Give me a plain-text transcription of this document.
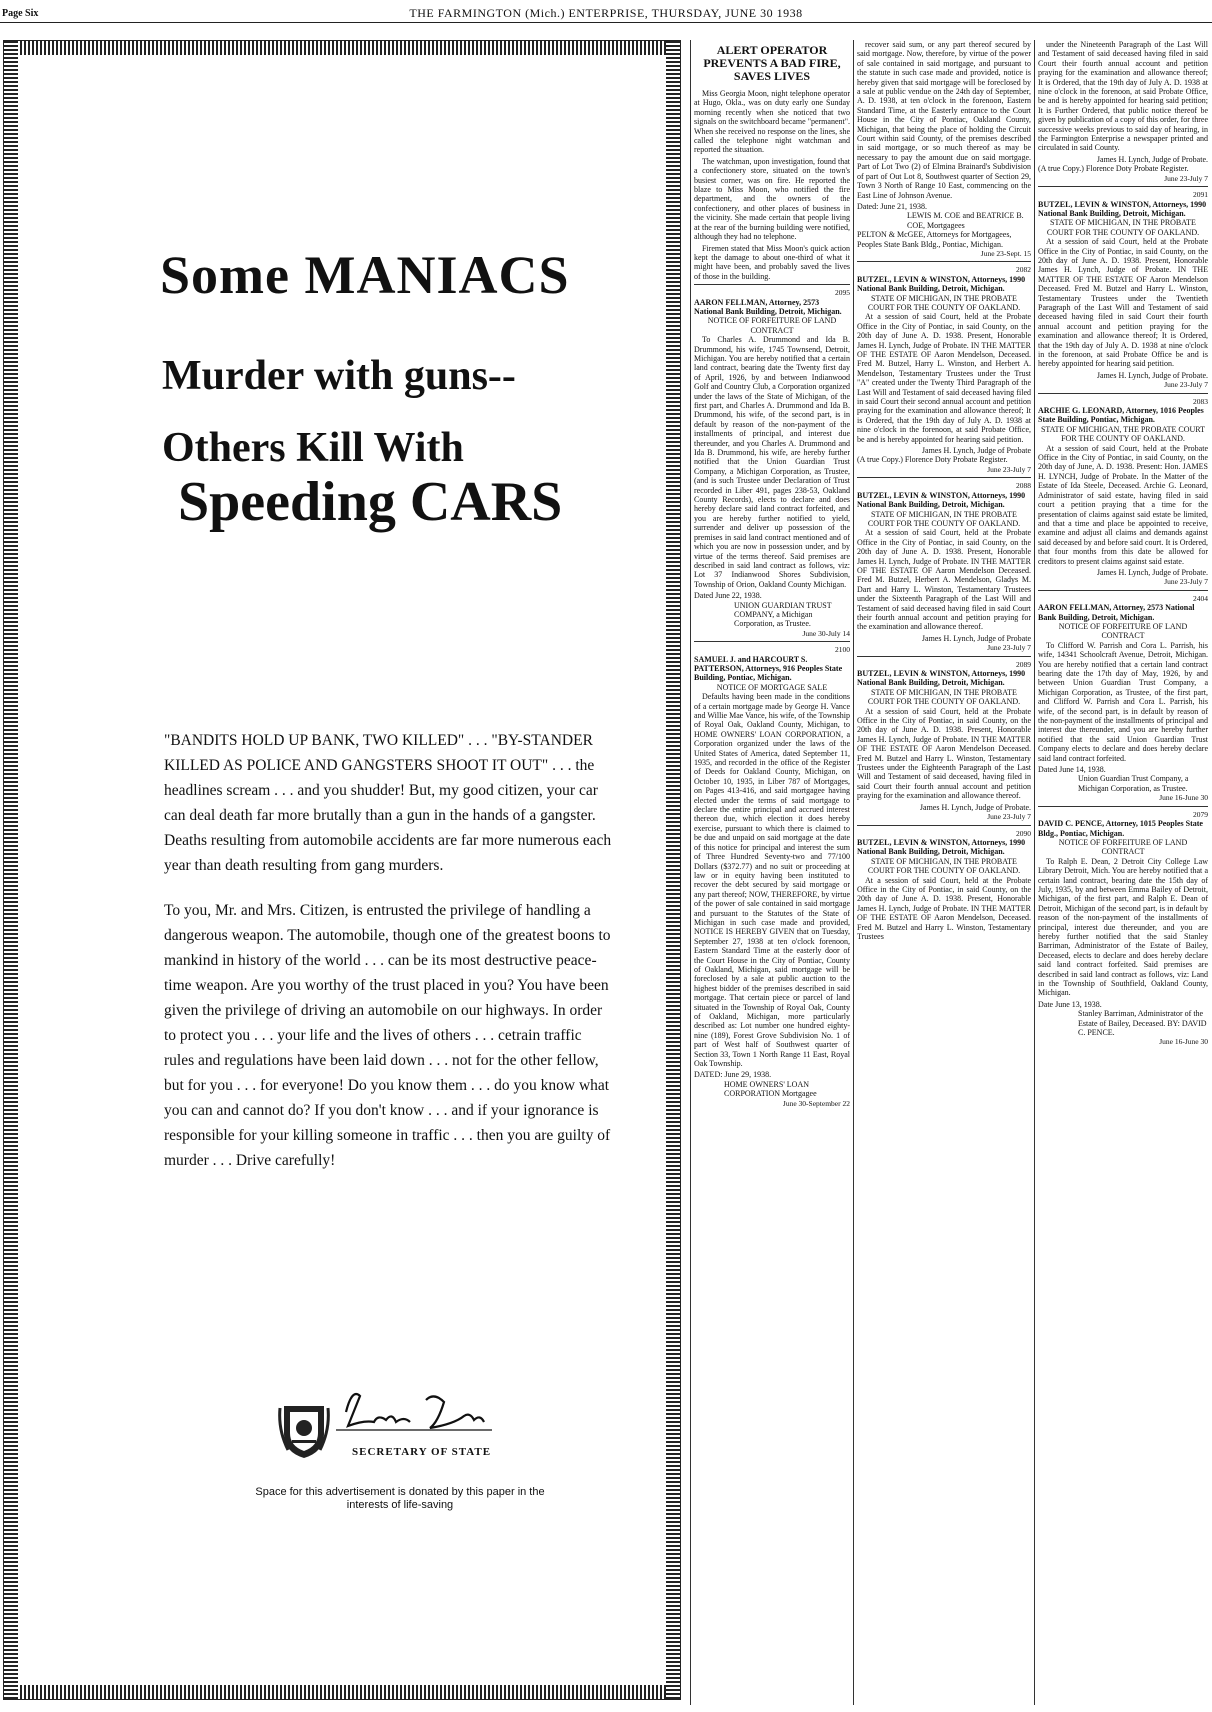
Page Six	THE FARMINGTON (Mich.) ENTERPRISE, THURSDAY, JUNE 30 1938
Some MANIACS
Murder with guns--
Others Kill With
Speeding CARS
"BANDITS HOLD UP BANK, TWO KILLED" . . . "BY-STANDER KILLED AS POLICE AND GANGSTERS SHOOT IT OUT" . . . the headlines scream . . . and you shudder! But, my good citizen, your car can deal death far more brutally than a gun in the hands of a gangster. Deaths resulting from automobile accidents are far more numerous each year than death resulting from gang murders.
To you, Mr. and Mrs. Citizen, is entrusted the privilege of handling a dangerous weapon. The automobile, though one of the greatest boons to mankind in history of the world . . . can be its most destructive peace-time weapon. Are you worthy of the trust placed in you? You have been given the privilege of driving an automobile on our highways. In order to protect you . . . your life and the lives of others . . . cetrain traffic rules and regulations have been laid down . . . not for the other fellow, but for you . . . for everyone! Do you know them . . . do you know what you can and cannot do? If you don't know . . . and if your ignorance is responsible for your killing someone in traffic . . . then you are guilty of murder . . . Drive carefully!
SECRETARY OF STATE
Space for this advertisement is donated by this paper in the interests of life-saving
ALERT OPERATOR PREVENTS A BAD FIRE, SAVES LIVES

Miss Georgia Moon, night telephone operator at Hugo, Okla., was on duty early one Sunday morning recently when she noticed that two signals on the switchboard became "permanent". When she received no response on the lines, she called the telephone night watchman and reported the situation.

The watchman, upon investigation, found that a confectionery store, situated on the town's busiest corner, was on fire. He reported the blaze to Miss Moon, who notified the fire department, and the owners of the confectionery, and other places of business in the vicinity. She made certain that people living at the rear of the burning building were notified, although they had no telephone.

Firemen stated that Miss Moon's quick action kept the damage to about one-third of what it might have been, and probably saved the lives of those in the building.

2095
AARON FELLMAN, Attorney, 2573 National Bank Building, Detroit, Michigan.
NOTICE OF FORFEITURE OF LAND CONTRACT

To Charles A. Drummond and Ida B. Drummond, his wife, 1745 Townsend, Detroit, Michigan. You are hereby notified that a certain land contract, bearing date the Twenty first day of April, 1926, by and between Indianwood Golf and Country Club, a Corporation organized under the laws of the State of Michigan, of the first part, and Charles A. Drummond and Ida B. Drummond, his wife, of the second part, is in default by reason of the non-payment of the installments of principal, and interest due thereunder, and you Charles A. Drummond and Ida B. Drummond, his wife, are hereby further notified that the Union Guardian Trust Company, a Michigan Corporation, as Trustee, (and is such Trustee under Declaration of Trust recorded in Liber 491, pages 238-53, Oakland County Records), elects to declare and does hereby declare said land contract forfeited, and you are hereby further notified to yield, surrender and deliver up possession of the premises in said land contract mentioned and of which you are now in possession under, and by virtue of the terms thereof. Said premises are described in said land contract as follows, viz: Lot 37 Indianwood Shores Subdivision, Township of Orion, Oakland County Michigan.

Dated June 22, 1938.
UNION GUARDIAN TRUST COMPANY, a Michigan Corporation, as Trustee.
June 30-July 14
2100
SAMUEL J. and HARCOURT S. PATTERSON, Attorneys, 916 Peoples State Building, Pontiac, Michigan.
NOTICE OF MORTGAGE SALE

Defaults having been made in the conditions of a certain mortgage made by George H. Vance and Willie Mae Vance, his wife, of the Township of Royal Oak, Oakland County, Michigan, to HOME OWNERS' LOAN CORPORATION, a Corporation organized under the laws of the United States of America, dated September 11, 1935, and recorded in the office of the Register of Deeds for Oakland County, Michigan, on October 10, 1935, in Liber 787 of Mortgages, on Pages 413-416, and said mortgagee having elected under the terms of said mortgage to declare the entire principal and accrued interest thereon due, which election it does hereby exercise, pursuant to which there is claimed to be due and unpaid on said mortgage at the date of this notice for principal and interest the sum of Three Hundred Seventy-two and 77/100 Dollars ($372.77) and no suit or proceeding at law or in equity having been instituted to recover the debt secured by said mortgage or any part thereof; NOW, THEREFORE, by virtue of the power of sale contained in said mortgage and pursuant to the Statutes of the State of Michigan in such case made and provided, NOTICE IS HEREBY GIVEN that on Tuesday, September 27, 1938 at ten o'clock forenoon, Eastern Standard Time at the easterly door of the Court House in the City of Pontiac, County of Oakland, Michigan, said mortgage will be foreclosed by a sale at public auction to the highest bidder of the premises described in said mortgage. That certain piece or parcel of land situated in the Township of Royal Oak, County of Oakland, Michigan, more particularly described as: Lot number one hundred eighty-nine (189), Forest Grove Subdivision No. 1 of part of West half of Southwest quarter of Section 33, Town 1 North Range 11 East, Royal Oak Township.

DATED: June 29, 1938.
HOME OWNERS' LOAN CORPORATION Mortgagee
June 30-September 22

recover said sum, or any part thereof secured by said mortgage. Now, therefore, by virtue of the power of sale contained in said mortgage, and pursuant to the statute in such case made and provided, notice is hereby given that said mortgage will be foreclosed by a sale at public vendue on the 24th day of September, A. D. 1938, at ten o'clock in the forenoon, Eastern Standard Time, at the Easterly entrance to the Court House in the City of Pontiac, Oakland County, Michigan, that being the place of holding the Circuit Court within said County, of the premises described in said mortgage, or so much thereof as may be necessary to pay the amount due on said mortgage. Part of Lot Two (2) of Elmina Brainard's Subdivision of part of Out Lot 8, Southwest quarter of Section 29, Town 3 North of Range 10 East, commencing on the East Line of Johnson Avenue.

Dated: June 21, 1938.
LEWIS M. COE and BEATRICE B. COE, Mortgagees
PELTON & McGEE, Attorneys for Mortgagees, Peoples State Bank Bldg., Pontiac, Michigan.
June 23-Sept. 15
2082
BUTZEL, LEVIN & WINSTON, Attorneys, 1990 National Bank Building, Detroit, Michigan.
STATE OF MICHIGAN, IN THE PROBATE COURT FOR THE COUNTY OF OAKLAND.

At a session of said Court, held at the Probate Office in the City of Pontiac, in said County, on the 20th day of June A. D. 1938. Present, Honorable James H. Lynch, Judge of Probate. IN THE MATTER OF THE ESTATE OF Aaron Mendelson, Deceased. Fred M. Butzel, Harry L. Winston, and Herbert A. Mendelson, Testamentary Trustees under the Trust "A" created under the Twenty Third Paragraph of the Last Will and Testament of said deceased having filed in said Court their second annual account and petition praying for the examination and allowance thereof; It is Ordered, that the 19th day of July A. D. 1938 at nine o'clock in the forenoon, at said Probate Office, be and is hereby appointed for hearing said petition.

James H. Lynch, Judge of Probate
(A true Copy.) Florence Doty Probate Register.
June 23-July 7
2088
BUTZEL, LEVIN & WINSTON, Attorneys, 1990 National Bank Building, Detroit, Michigan.
STATE OF MICHIGAN, IN THE PROBATE COURT FOR THE COUNTY OF OAKLAND.

At a session of said Court, held at the Probate Office in the City of Pontiac, in said County, on the 20th day of June A. D. 1938. Present, Honorable James H. Lynch, Judge of Probate. IN THE MATTER OF THE ESTATE OF Aaron Mendelson Deceased. Fred M. Butzel, Herbert A. Mendelson, Gladys M. Dart and Harry L. Winston, Testamentary Trustees under the Sixteenth Paragraph of the Last Will and Testament of said deceased having filed in said Court their fourth annual account and petition praying for the examination and allowance thereof.

James H. Lynch, Judge of Probate
June 23-July 7
2089
BUTZEL, LEVIN & WINSTON, Attorneys, 1990 National Bank Building, Detroit, Michigan.
STATE OF MICHIGAN, IN THE PROBATE COURT FOR THE COUNTY OF OAKLAND.

At a session of said Court, held at the Probate Office in the City of Pontiac, in said County, on the 20th day of June A. D. 1938. Present, Honorable James H. Lynch, Judge of Probate. IN THE MATTER OF THE ESTATE OF Aaron Mendelson Deceased. Fred M. Butzel and Harry L. Winston, Testamentary Trustees under the Eighteenth Paragraph of the Last Will and Testament of said deceased, having filed in said Court their fourth annual account and petition praying for the examination and allowance thereof.

James H. Lynch, Judge of Probate.
June 23-July 7
2090
BUTZEL, LEVIN & WINSTON, Attorneys, 1990 National Bank Building, Detroit, Michigan.
STATE OF MICHIGAN, IN THE PROBATE COURT FOR THE COUNTY OF OAKLAND.

At a session of said Court, held at the Probate Office in the City of Pontiac, in said County, on the 20th day of June A. D. 1938. Present, Honorable James H. Lynch, Judge of Probate. IN THE MATTER OF THE ESTATE OF Aaron Mendelson, Deceased. Fred M. Butzel and Harry L. Winston, Testamentary Trustees

under the Nineteenth Paragraph of the Last Will and Testament of said deceased having filed in said Court their fourth annual account and petition praying for the examination and allowance thereof; It is Ordered, that the 19th day of July A. D. 1938 at nine o'clock in the forenoon, at said Probate Office, be and is hereby appointed for hearing said petition; It is Further Ordered, that public notice thereof be given by publication of a copy of this order, for three successive weeks previous to said day of hearing, in the Farmington Enterprise a newspaper printed and circulated in said County.

James H. Lynch, Judge of Probate.
(A true Copy.) Florence Doty Probate Register.
June 23-July 7
2091
BUTZEL, LEVIN & WINSTON, Attorneys, 1990 National Bank Building, Detroit, Michigan.
STATE OF MICHIGAN, IN THE PROBATE COURT FOR THE COUNTY OF OAKLAND.

At a session of said Court, held at the Probate Office in the City of Pontiac, in said County, on the 20th day of June A. D. 1938. Present, Honorable James H. Lynch, Judge of Probate. IN THE MATTER OF THE ESTATE OF Aaron Mendelson Deceased. Fred M. Butzel and Harry L. Winston, Testamentary Trustees under the Twentieth Paragraph of the Last Will and Testament of said deceased having filed in said Court their fourth annual account and petition praying for the examination and allowance thereof; It is Ordered, that the 19th day of July A. D. 1938 at nine o'clock in the forenoon, at said Probate Office be and is hereby appointed for hearing said petition.

James H. Lynch, Judge of Probate.
June 23-July 7
2083
ARCHIE G. LEONARD, Attorney, 1016 Peoples State Building, Pontiac, Michigan.
STATE OF MICHIGAN, THE PROBATE COURT FOR THE COUNTY OF OAKLAND.

At a session of said Court, held at the Probate Office in the City of Pontiac, in said County, on the 20th day of June, A. D. 1938. Present: Hon. JAMES H. LYNCH, Judge of Probate. In the Matter of the Estate of Ida Steele, Deceased. Archie G. Leonard, Administrator of said estate, having filed in said court a petition praying that a time for the presentation of claims against said estate be limited, and that a time and place be appointed to receive, examine and adjust all claims and demands against said deceased by and before said court. It is Ordered, that four months from this date be allowed for creditors to present claims against said estate.

James H. Lynch, Judge of Probate.
June 23-July 7
2404
AARON FELLMAN, Attorney, 2573 National Bank Building, Detroit, Michigan.
NOTICE OF FORFEITURE OF LAND CONTRACT

To Clifford W. Parrish and Cora L. Parrish, his wife, 14341 Schoolcraft Avenue, Detroit, Michigan. You are hereby notified that a certain land contract bearing date the 17th day of May, 1926, by and between Union Guardian Trust Company, a Michigan Corporation, as Trustee, of the first part, and Clifford W. Parrish and Cora L. Parrish, his wife, of the second part, is in default by reason of the non-payment of the installments of principal and interest due thereunder, and you are hereby further notified that the said Union Guardian Trust Company elects to declare and does hereby declare said land contract forfeited.

Dated June 14, 1938.
Union Guardian Trust Company, a Michigan Corporation, as Trustee.
June 16-June 30
2079
DAVID C. PENCE, Attorney, 1015 Peoples State Bldg., Pontiac, Michigan.
NOTICE OF FORFEITURE OF LAND CONTRACT

To Ralph E. Dean, 2 Detroit City College Law Library Detroit, Mich. You are hereby notified that a certain land contract, bearing date the 15th day of July, 1935, by and between Emma Bailey of Detroit, Michigan, of the first part, and Ralph E. Dean of Detroit, Michigan of the second part, is in default by reason of the non-payment of the installments of principal, interest due thereunder, and you are hereby further notified that the said Stanley Barriman, Administrator of the Estate of Bailey, Deceased, elects to declare and does hereby declare said land contract forfeited. Said premises are described in said land contract as follows, viz: Land in the Township of Southfield, Oakland County, Michigan.

Date June 13, 1938.
Stanley Barriman, Administrator of the Estate of Bailey, Deceased. BY: DAVID C. PENCE.
June 16-June 30
